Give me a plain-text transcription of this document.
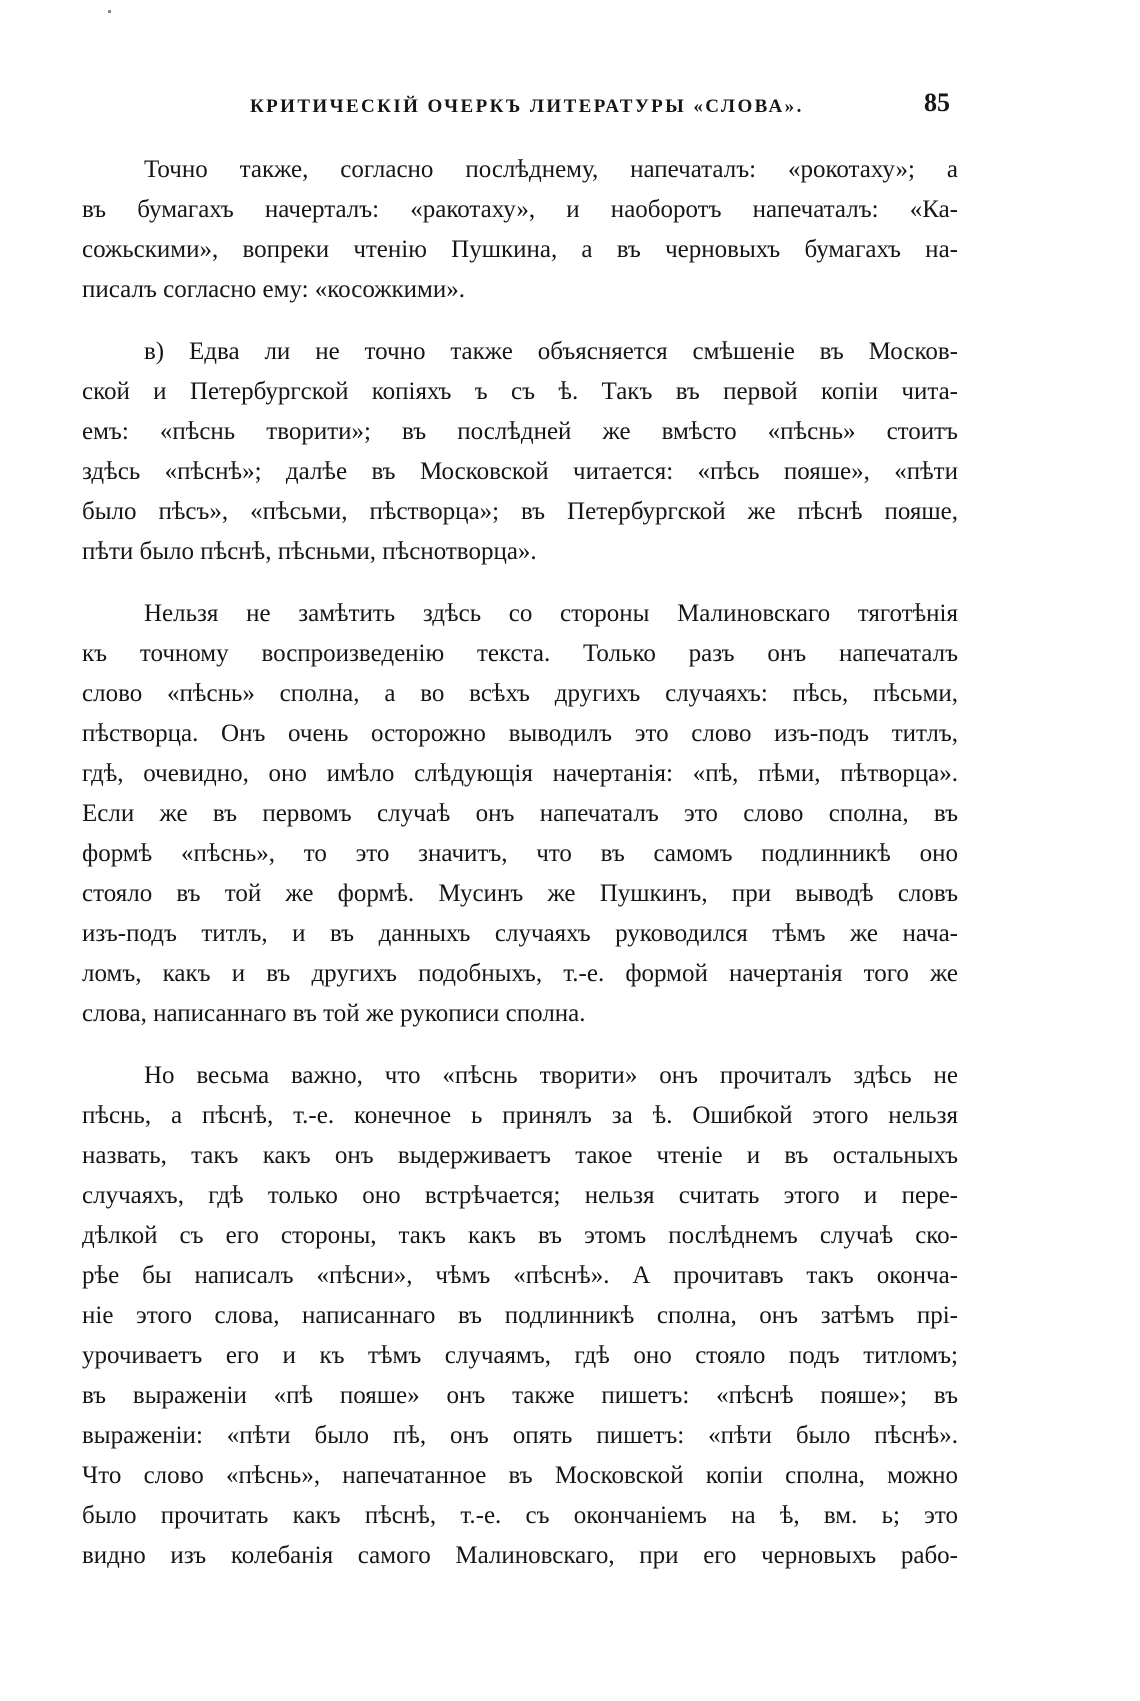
КРИТИЧЕСКІЙ ОЧЕРКЪ ЛИТЕРАТУРЫ «СЛОВА».	85
Точно также, согласно послѣднему, напечаталъ: «рокотаху»; а
въ бумагахъ начерталъ: «ракотаху», и наоборотъ напечаталъ: «Ка-
сожьскими», вопреки чтенію Пушкина, а въ черновыхъ бумагахъ на-
писалъ согласно ему: «косожкими».
в) Едва ли не точно также объясняется смѣшеніе въ Москов-
ской и Петербургской копіяхъ ъ съ ѣ. Такъ въ первой копіи чита-
емъ: «пѣснь творити»; въ послѣдней же вмѣсто «пѣснь» стоитъ
здѣсь «пѣснѣ»; далѣе въ Московской читается: «пѣсь пояше», «пѣти
было пѣсъ», «пѣсьми, пѣстворца»; въ Петербургской же пѣснѣ пояше,
пѣти было пѣснѣ, пѣсньми, пѣснотворца».
Нельзя не замѣтить здѣсь со стороны Малиновскаго тяготѣнія
къ точному воспроизведенію текста. Только разъ онъ напечаталъ
слово «пѣснь» сполна, а во всѣхъ другихъ случаяхъ: пѣсь, пѣсьми,
пѣстворца. Онъ очень осторожно выводилъ это слово изъ-подъ титлъ,
гдѣ, очевидно, оно имѣло слѣдующія начертанія: «пѣ, пѣми, пѣтворца».
Если же въ первомъ случаѣ онъ напечаталъ это слово сполна, въ
формѣ «пѣснь», то это значитъ, что въ самомъ подлинникѣ оно
стояло въ той же формѣ. Мусинъ же Пушкинъ, при выводѣ словъ
изъ-подъ титлъ, и въ данныхъ случаяхъ руководился тѣмъ же нача-
ломъ, какъ и въ другихъ подобныхъ, т.-е. формой начертанія того же
слова, написаннаго въ той же рукописи сполна.
Но весьма важно, что «пѣснь творити» онъ прочиталъ здѣсь не
пѣснь, а пѣснѣ, т.-е. конечное ь принялъ за ѣ. Ошибкой этого нельзя
назвать, такъ какъ онъ выдерживаетъ такое чтеніе и въ остальныхъ
случаяхъ, гдѣ только оно встрѣчается; нельзя считать этого и пере-
дѣлкой съ его стороны, такъ какъ въ этомъ послѣднемъ случаѣ ско-
рѣе бы написалъ «пѣсни», чѣмъ «пѣснѣ». А прочитавъ такъ оконча-
ніе этого слова, написаннаго въ подлинникѣ сполна, онъ затѣмъ прі-
урочиваетъ его и къ тѣмъ случаямъ, гдѣ оно стояло подъ титломъ;
въ выраженіи «пѣ пояше» онъ также пишетъ: «пѣснѣ пояше»; въ
выраженіи: «пѣти было пѣ, онъ опять пишетъ: «пѣти было пѣснѣ».
Что слово «пѣснь», напечатанное въ Московской копіи сполна, можно
было прочитать какъ пѣснѣ, т.-е. съ окончаніемъ на ѣ, вм. ь; это
видно изъ колебанія самого Малиновскаго, при его черновыхъ рабо-
